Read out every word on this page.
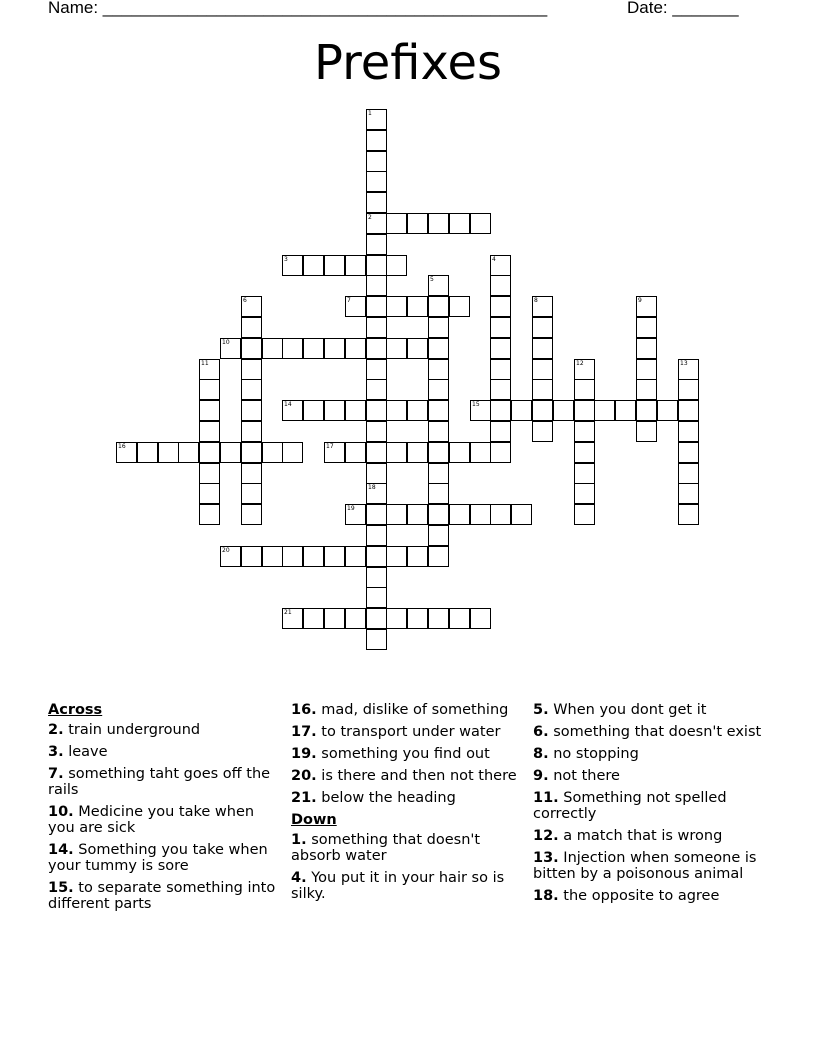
Name: _______________________________________________	Date: _______
Prefixes
1
2
18
3	4
5
6	7	8	9
10
11	12	13
14	15
16	17
19
20
21
Across
2. train underground
3. leave
7. something taht goes off the rails
10. Medicine you take when you are sick
14. Something you take when your tummy is sore
15. to separate something into different parts
16. mad, dislike of something
17. to transport under water
19. something you find out
20. is there and then not there
21. below the heading
Down
1. something that doesn't absorb water
4. You put it in your hair so is silky.
5. When you dont get it
6. something that doesn't exist
8. no stopping
9. not there
11. Something not spelled correctly
12. a match that is wrong
13. Injection when someone is bitten by a poisonous animal
18. the opposite to agree
